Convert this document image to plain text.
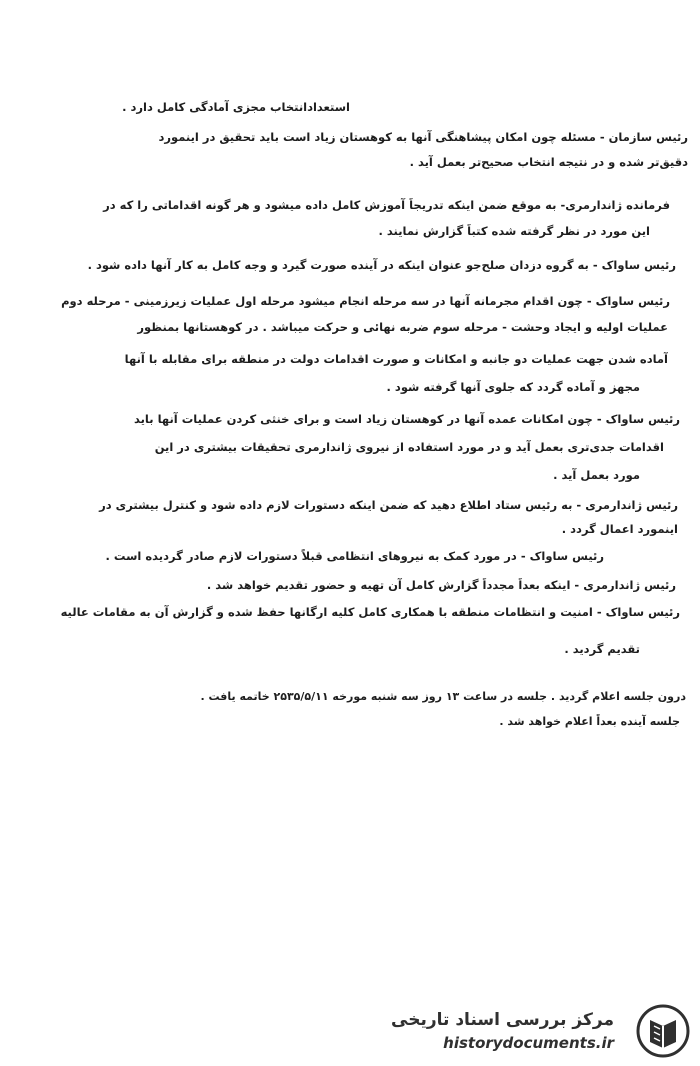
استعدادانتخاب مجزی آمادگی کامل دارد .
رئیس سازمان - مسئله چون امکان پیشاهنگی آنها به کوهستان زیاد است باید تحقیق در اینمورد
دقیق‌تر شده و در نتیجه انتخاب صحیح‌تر بعمل آید .
فرمانده ژاندارمری- به موقع ضمن اینکه تدریجاً آموزش کامل داده میشود و هر گونه اقداماتی را که در
این مورد در نظر گرفته شده کتباً گزارش نمایند .
رئیس ساواک - به گروه دزدان صلح‌جو عنوان اینکه در آینده صورت گیرد و وجه کامل به کار آنها داده شود .
رئیس ساواک - چون اقدام مجرمانه آنها در سه مرحله انجام میشود مرحله اول عملیات زیرزمینی - مرحله دوم
عملیات اولیه و ایجاد وحشت - مرحله سوم ضربه نهائی و حرکت میباشد . در کوهستانها بمنظور
آماده شدن جهت عملیات دو جانبه و امکانات و صورت اقدامات دولت در منطقه برای مقابله با آنها
مجهز و آماده گردد که جلوی آنها گرفته شود .
رئیس ساواک - چون امکانات عمده آنها در کوهستان زیاد است و برای خنثی کردن عملیات آنها باید
اقدامات جدی‌تری بعمل آید و در مورد استفاده از نیروی ژاندارمری تحقیقات بیشتری در این
مورد بعمل آید .
رئیس ژاندارمری - به رئیس ستاد اطلاع دهید که ضمن اینکه دستورات لازم داده شود و کنترل بیشتری در
اینمورد اعمال گردد .
رئیس ساواک - در مورد کمک به نیروهای انتظامی قبلاً دستورات لازم صادر گردیده است .
رئیس ژاندارمری - اینکه بعداً مجدداً گزارش کامل آن تهیه و حضور تقدیم خواهد شد .
رئیس ساواک - امنیت و انتظامات منطقه با همکاری کامل کلیه ارگانها حفظ شده و گزارش آن به مقامات عالیه
تقدیم گردید .
درون جلسه اعلام گردید . جلسه در ساعت ۱۳ روز سه شنبه مورخه ۲۵۳۵/۵/۱۱ خاتمه یافت .
جلسه آینده بعداً اعلام خواهد شد .
مرکز بررسی اسناد تاریخی
historydocuments.ir
